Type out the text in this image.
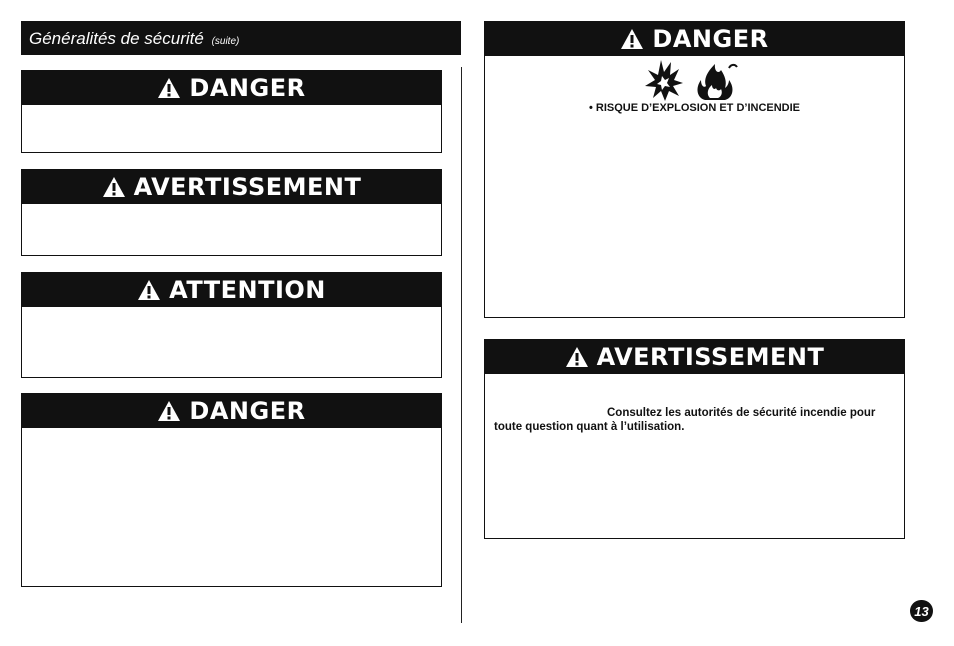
Généralités de sécurité (suite)
DANGER
AVERTISSEMENT
ATTENTION
DANGER
DANGER
• RISQUE D’EXPLOSION ET D’INCENDIE
AVERTISSEMENT
Consultez les autorités de sécurité incendie pour toute question quant à l’utilisation.
13
